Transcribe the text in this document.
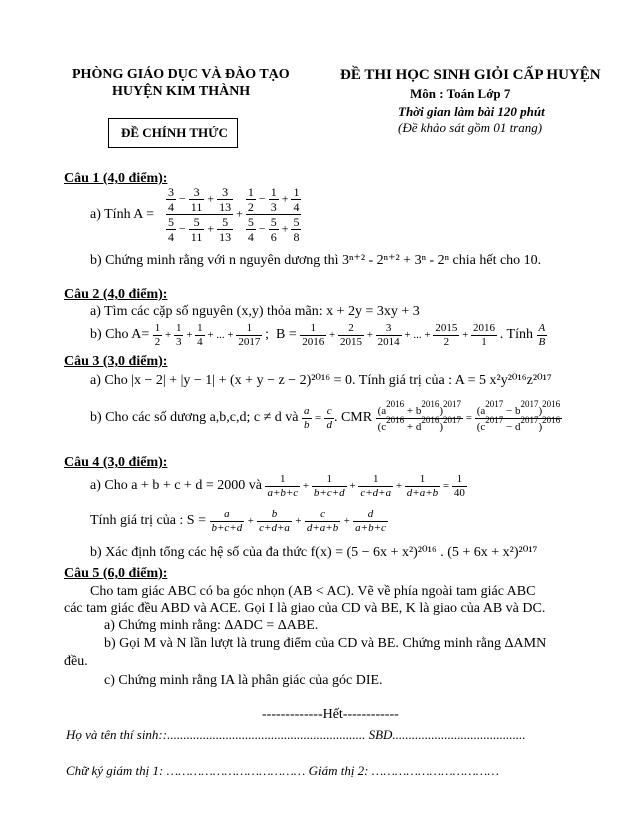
PHÒNG GIÁO DỤC VÀ ĐÀO TẠO
HUYỆN KIM THÀNH
ĐỀ CHÍNH THỨC
ĐỀ THI HỌC SINH GIỎI CẤP HUYỆN
Môn : Toán Lớp 7
Thời gian làm bài 120 phút
(Đề khảo sát gồm 01 trang)
Câu 1 (4,0 điểm):
a) Tính $A = \frac{\frac{3}{4} - \frac{3}{11} + \frac{3}{13}}{\frac{5}{4} - \frac{5}{11} + \frac{5}{13}} + \frac{\frac{1}{2} - \frac{1}{3} + \frac{1}{4}}{\frac{5}{4} - \frac{5}{6} + \frac{5}{8}}$
b) Chứng minh rằng với n nguyên dương thì 3ⁿ⁺² - 2ⁿ⁺² + 3ⁿ - 2ⁿ chia hết cho 10.
Câu 2 (4,0 điểm):
a) Tìm các cặp số nguyên (x,y) thỏa mãn: x + 2y = 3xy + 3
b) Cho $A= \frac{1}{2} + \frac{1}{3} + \frac{1}{4}$ + ... + $\frac{1}{2017}$ ;  $B = \frac{1}{2016} + \frac{2}{2015} + \frac{3}{2014}$ + ... + $\frac{2015}{2} + \frac{2016}{1}$ . Tính $\frac{A}{B}$
Câu 3 (3,0 điểm):
a) Cho |x − 2| + |y − 1| + (x + y − z − 2)²⁰¹⁶ = 0. Tính giá trị của : A = 5 x²y²⁰¹⁶z²⁰¹⁷
b) Cho các số dương a,b,c,d; c ≠ d và $\frac{a}{b} = \frac{c}{d}$ . CMR $\frac{(a^{2016} + b^{2016})^{2017}}{(c^{2016} + d^{2016})^{2017}} = \frac{(a^{2017} - b^{2017})^{2016}}{(c^{2017} - d^{2017})^{2016}}$
Câu 4 (3,0 điểm):
a) Cho a + b + c + d = 2000 và $\frac{1}{a+b+c} + \frac{1}{b+c+d} + \frac{1}{c+d+a} + \frac{1}{d+a+b} = \frac{1}{40}$
Tính giá trị của : $S = \frac{a}{b+c+d} + \frac{b}{c+d+a} + \frac{c}{d+a+b} + \frac{d}{a+b+c}$
b) Xác định tổng các hệ số của đa thức f(x) = (5 − 6x + x²)²⁰¹⁶ . (5 + 6x + x²)²⁰¹⁷
Câu 5 (6,0 điểm):
Cho tam giác ABC có ba góc nhọn (AB < AC). Vẽ về phía ngoài tam giác ABC
các tam giác đều ABD và ACE. Gọi I là giao của CD và BE, K là giao của AB và DC.
a) Chứng minh rằng: ΔADC = ΔABE.
b) Gọi M và N lần lượt là trung điểm của CD và BE. Chứng minh rằng ΔAMN
đều.
c) Chứng minh rằng IA là phân giác của góc DIE.
-------------Hết------------
Họ và tên thí sinh::............................................................. SBD.........................................
Chữ ký giám thị 1: ……………………………… Giám thị 2: ……………………………
